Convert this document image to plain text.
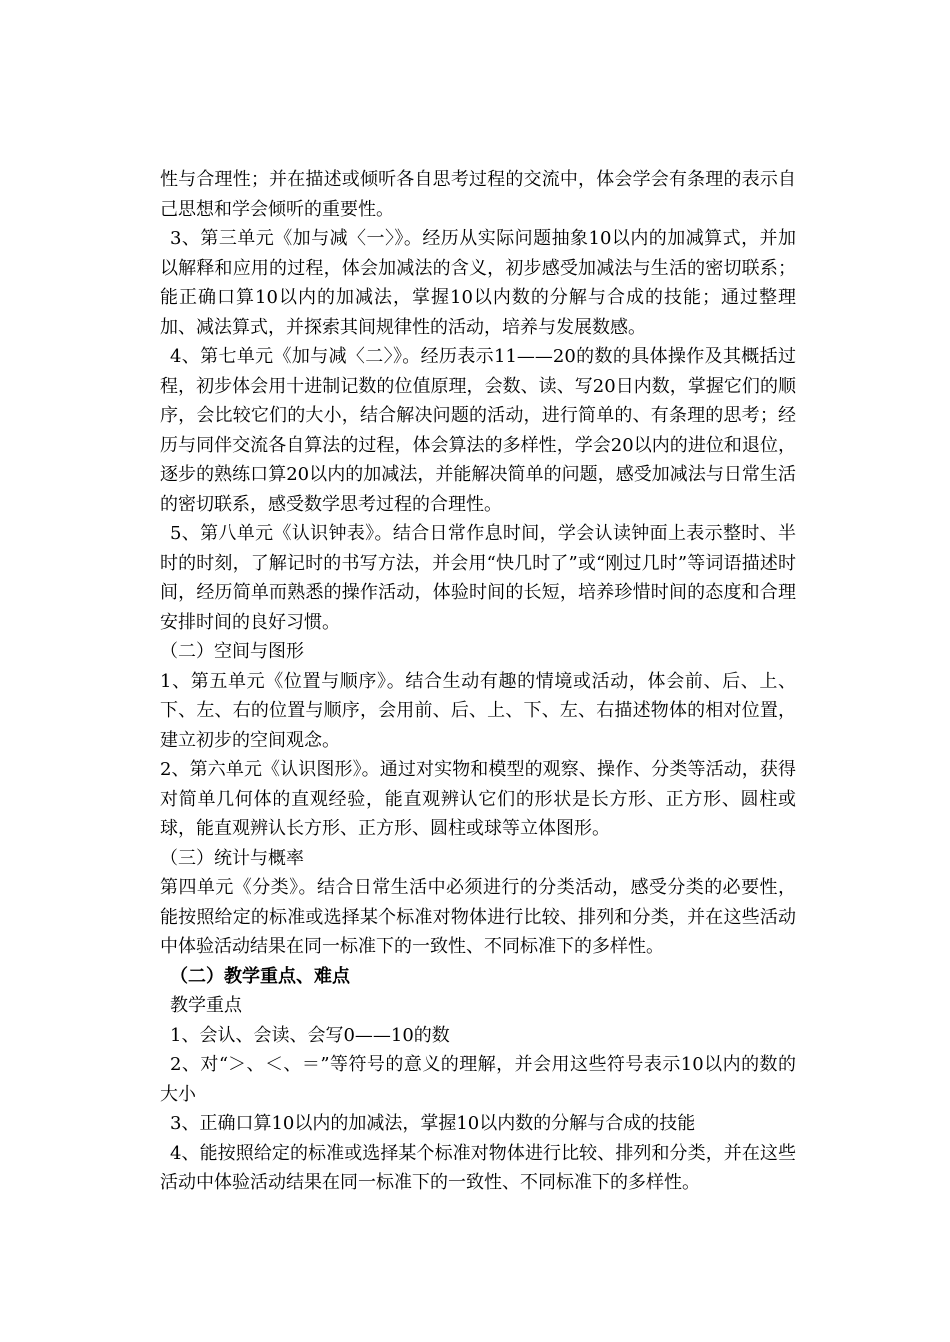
性与合理性；并在描述或倾听各自思考过程的交流中，体会学会有条理的表示自己思想和学会倾听的重要性。

3、第三单元《加与减〈一〉》。经历从实际问题抽象10以内的加减算式，并加以解释和应用的过程，体会加减法的含义，初步感受加减法与生活的密切联系；能正确口算10以内的加减法，掌握10以内数的分解与合成的技能；通过整理加、减法算式，并探索其间规律性的活动，培养与发展数感。

4、第七单元《加与减〈二〉》。经历表示11——20的数的具体操作及其概括过程，初步体会用十进制记数的位值原理，会数、读、写20日内数，掌握它们的顺序，会比较它们的大小，结合解决问题的活动，进行简单的、有条理的思考；经历与同伴交流各自算法的过程，体会算法的多样性，学会20以内的进位和退位，逐步的熟练口算20以内的加减法，并能解决简单的问题，感受加减法与日常生活的密切联系，感受数学思考过程的合理性。

5、第八单元《认识钟表》。结合日常作息时间，学会认读钟面上表示整时、半时的时刻，了解记时的书写方法，并会用“快几时了”或“刚过几时”等词语描述时间，经历简单而熟悉的操作活动，体验时间的长短，培养珍惜时间的态度和合理安排时间的良好习惯。

（二）空间与图形

1、第五单元《位置与顺序》。结合生动有趣的情境或活动，体会前、后、上、下、左、右的位置与顺序，会用前、后、上、下、左、右描述物体的相对位置，建立初步的空间观念。

2、第六单元《认识图形》。通过对实物和模型的观察、操作、分类等活动，获得对简单几何体的直观经验，能直观辨认它们的形状是长方形、正方形、圆柱或球，能直观辨认长方形、正方形、圆柱或球等立体图形。

（三）统计与概率

第四单元《分类》。结合日常生活中必须进行的分类活动，感受分类的必要性，能按照给定的标准或选择某个标准对物体进行比较、排列和分类，并在这些活动中体验活动结果在同一标准下的一致性、不同标准下的多样性。

（二）教学重点、难点

教学重点

1、会认、会读、会写0——10的数

2、对“＞、＜、＝”等符号的意义的理解，并会用这些符号表示10以内的数的大小

3、正确口算10以内的加减法，掌握10以内数的分解与合成的技能

4、能按照给定的标准或选择某个标准对物体进行比较、排列和分类，并在这些活动中体验活动结果在同一标准下的一致性、不同标准下的多样性。
